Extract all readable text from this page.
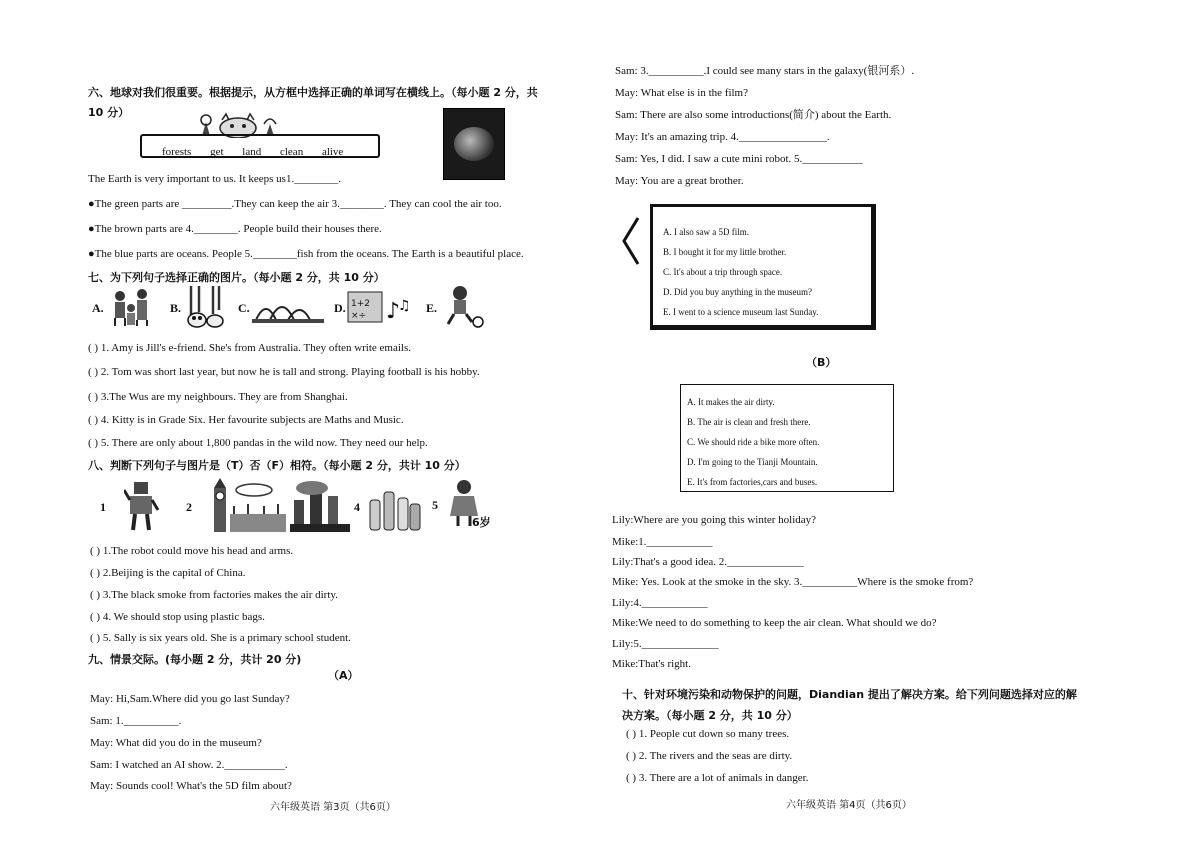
六、地球对我们很重要。根据提示，从方框中选择正确的单词写在横线上。（每小题 2 分，共
10 分）
forests get land clean alive
The Earth is very important to us. It keeps us1.________.
●The green parts are _________.They can keep the air 3.________. They can cool the air too.
●The brown parts are 4.________. People build their houses there.
●The blue parts are oceans. People 5.________fish from the oceans. The Earth is a beautiful place.
七、为下列句子选择正确的图片。（每小题 2 分，共 10 分）
A.	B.	C.	D. 1+2
×÷ ♪
♫ E.
( ) 1. Amy is Jill's e-friend. She's from Australia. They often write emails.
( ) 2. Tom was short last year, but now he is tall and strong. Playing football is his hobby.
( ) 3.The Wus are my neighbours. They are from Shanghai.
( ) 4. Kitty is in Grade Six. Her favourite subjects are Maths and Music.
( ) 5. There are only about 1,800 pandas in the wild now. They need our help.
八、判断下列句子与图片是（T）否（F）相符。（每小题 2 分，共计 10 分）
1	2	4	5
6岁
( ) 1.The robot could move his head and arms.
( ) 2.Beijing is the capital of China.
( ) 3.The black smoke from factories makes the air dirty.
( ) 4. We should stop using plastic bags.
( ) 5. Sally is six years old. She is a primary school student.
九、情景交际。(每小题 2 分，共计 20 分)
（A）
May: Hi,Sam.Where did you go last Sunday?
Sam: 1.__________.
May: What did you do in the museum?
Sam: I watched an AI show. 2.___________.
May: Sounds cool! What's the 5D film about?
六年级英语 第3页（共6页）
Sam: 3.__________.I could see many stars in the galaxy(银河系）.
May: What else is in the film?
Sam: There are also some introductions(简介) about the Earth.
May: It's an amazing trip. 4.________________.
Sam: Yes, I did. I saw a cute mini robot. 5.___________
May: You are a great brother.
A. I also saw a 5D film.
B. I bought it for my little brother.
C. It's about a trip through space.
D. Did you buy anything in the museum?
E. I went to a science museum last Sunday.
（B）
A. It makes the air dirty.
B. The air is clean and fresh there.
C. We should ride a bike more often.
D. I'm going to the Tianji Mountain.
E. It's from factories,cars and buses.
Lily:Where are you going this winter holiday?
Mike:1.____________
Lily:That's a good idea. 2.______________
Mike: Yes. Look at the smoke in the sky. 3.__________Where is the smoke from?
Lily:4.____________
Mike:We need to do something to keep the air clean. What should we do?
Lily:5.______________
Mike:That's right.
十、针对环境污染和动物保护的问题，Diandian 提出了解决方案。给下列问题选择对应的解
决方案。（每小题 2 分，共 10 分）
( ) 1. People cut down so many trees.
( ) 2. The rivers and the seas are dirty.
( ) 3. There are a lot of animals in danger.
六年级英语 第4页（共6页）
